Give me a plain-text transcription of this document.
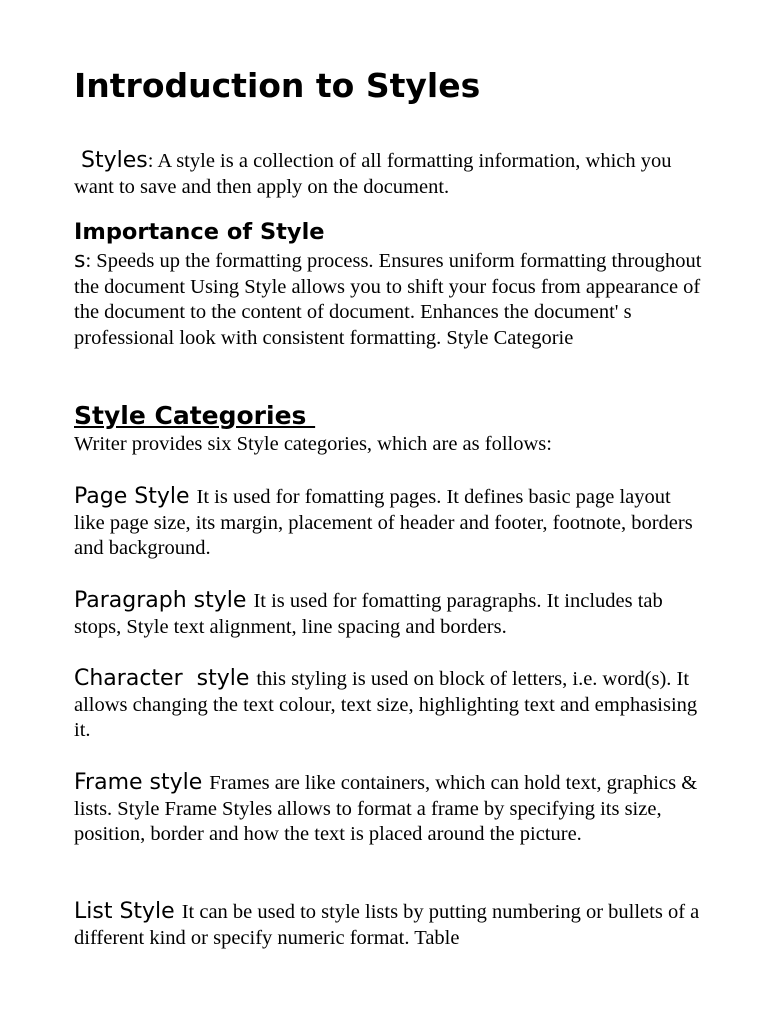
Introduction to Styles

Styles: A style is a collection of all formatting information, which you want to save and then apply on the document.

Importance of Style

s: Speeds up the formatting process. Ensures uniform formatting throughout the document Using Style allows you to shift your focus from appearance of the document to the content of document. Enhances the document' s professional look with consistent formatting. Style Categorie

Style Categories

Writer provides six Style categories, which are as follows:

Page Style It is used for fomatting pages. It defines basic page layout like page size, its margin, placement of header and footer, footnote, borders and background.

Paragraph style It is used for fomatting paragraphs. It includes tab stops, Style text alignment, line spacing and borders.

Character  style this styling is used on block of letters, i.e. word(s). It allows changing the text colour, text size, highlighting text and emphasising it.

Frame style Frames are like containers, which can hold text, graphics & lists. Style Frame Styles allows to format a frame by specifying its size, position, border and how the text is placed around the picture.

List Style It can be used to style lists by putting numbering or bullets of a different kind or specify numeric format. Table
